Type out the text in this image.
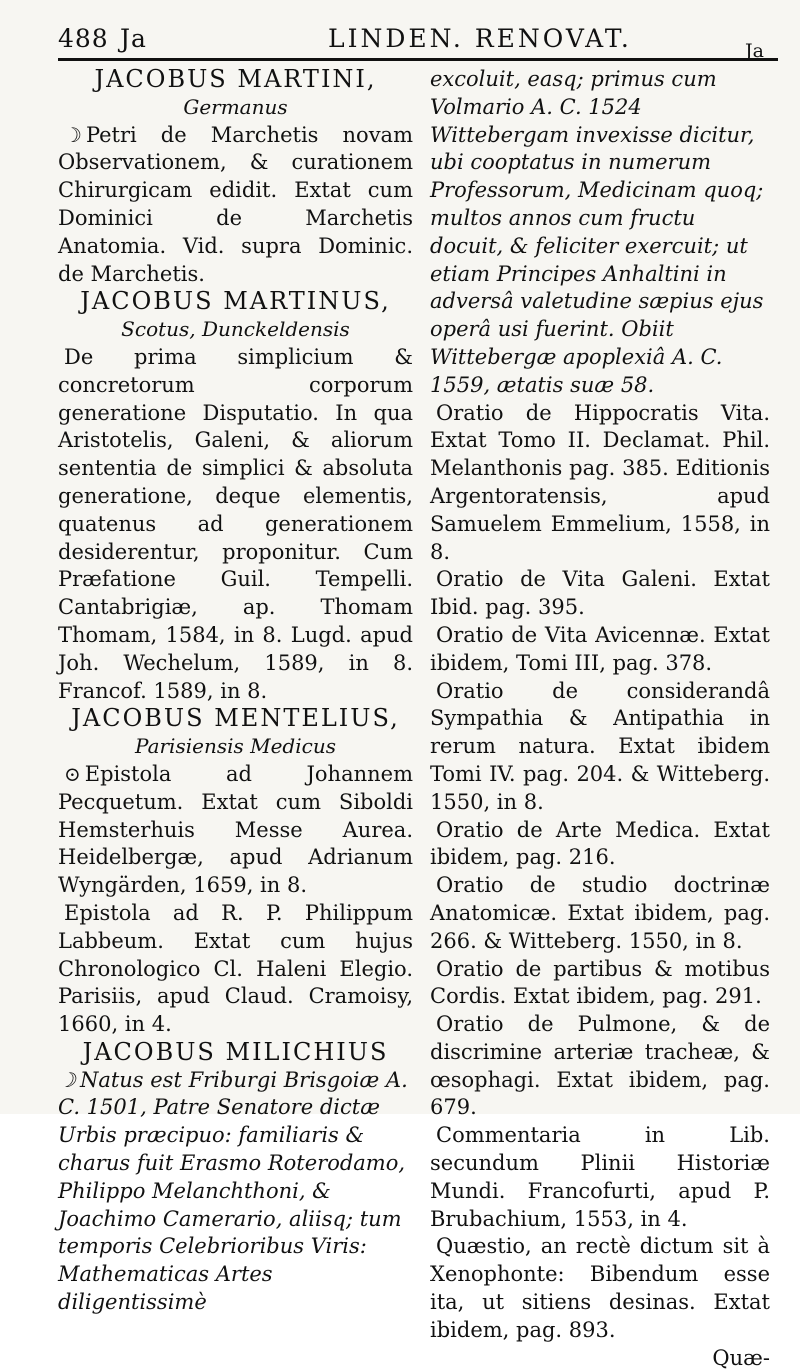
488 Ja	LINDEN. RENOVAT.	Ja

JACOBUS MARTINI,

Germanus

☽ Petri de Marchetis novam Observationem, & curationem Chirurgicam edidit. Extat cum Dominici de Marchetis Anatomia. Vid. supra Dominic. de Marchetis.

JACOBUS MARTINUS,

Scotus, Dunckeldensis

De prima simplicium & concretorum corporum generatione Disputatio. In qua Aristotelis, Galeni, & aliorum sententia de simplici & absoluta generatione, deque elementis, quatenus ad generationem desiderentur, proponitur. Cum Præfatione Guil. Tempelli. Cantabrigiæ, ap. Thomam Thomam, 1584, in 8. Lugd. apud Joh. Wechelum, 1589, in 8. Francof. 1589, in 8.

JACOBUS MENTELIUS,

Parisiensis Medicus

⊙ Epistola ad Johannem Pecquetum. Extat cum Siboldi Hemsterhuis Messe Aurea. Heidelbergæ, apud Adrianum Wyngärden, 1659, in 8.

Epistola ad R. P. Philippum Labbeum. Extat cum hujus Chronologico Cl. Haleni Elegio. Parisiis, apud Claud. Cramoisy, 1660, in 4.

JACOBUS MILICHIUS

☽ Natus est Friburgi Brisgoiæ A. C. 1501, Patre Senatore dictæ Urbis præcipuo: familiaris & charus fuit Erasmo Roterodamo, Philippo Melanchthoni, & Joachimo Camerario, aliisq; tum temporis Celebrioribus Viris: Mathematicas Artes diligentissimè

excoluit, easq; primus cum Volmario A. C. 1524 Wittebergam invexisse dicitur, ubi cooptatus in numerum Professorum, Medicinam quoq; multos annos cum fructu docuit, & feliciter exercuit; ut etiam Principes Anhaltini in adversâ valetudine sæpius ejus operâ usi fuerint. Obiit Wittebergæ apoplexiâ A. C. 1559, ætatis suæ 58.

Oratio de Hippocratis Vita. Extat Tomo II. Declamat. Phil. Melanthonis pag. 385. Editionis Argentoratensis, apud Samuelem Emmelium, 1558, in 8.

Oratio de Vita Galeni. Extat Ibid. pag. 395.

Oratio de Vita Avicennæ. Extat ibidem, Tomi III, pag. 378.

Oratio de considerandâ Sympathia & Antipathia in rerum natura. Extat ibidem Tomi IV. pag. 204. & Witteberg. 1550, in 8.

Oratio de Arte Medica. Extat ibidem, pag. 216.

Oratio de studio doctrinæ Anatomicæ. Extat ibidem, pag. 266. & Witteberg. 1550, in 8.

Oratio de partibus & motibus Cordis. Extat ibidem, pag. 291.

Oratio de Pulmone, & de discrimine arteriæ tracheæ, & œsophagi. Extat ibidem, pag. 679.

Commentaria in Lib. secundum Plinii Historiæ Mundi. Francofurti, apud P. Brubachium, 1553, in 4.

Quæstio, an rectè dictum sit à Xenophonte: Bibendum esse ita, ut sitiens desinas. Extat ibidem, pag. 893.

Quæ-
